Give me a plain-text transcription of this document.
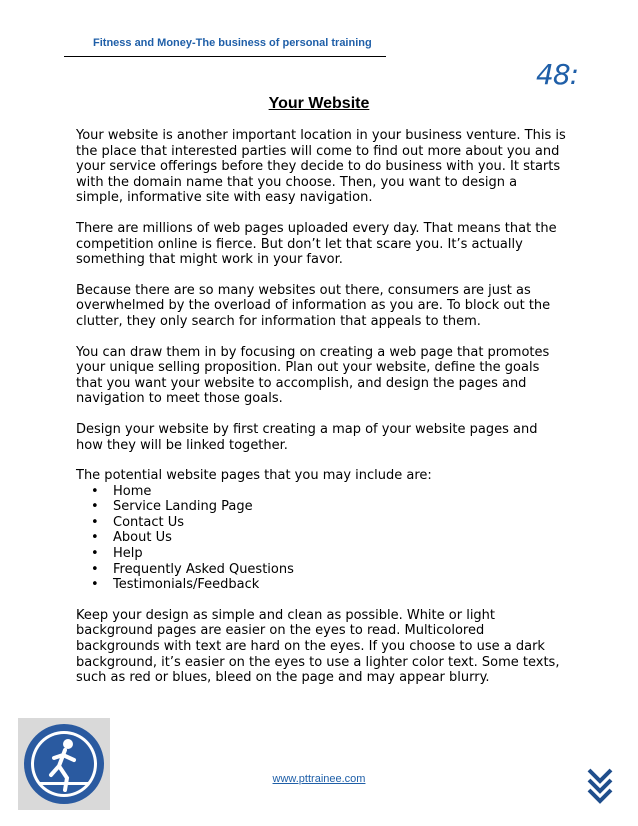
Fitness and Money-The business of personal training
48:
Your Website

Your website is another important location in your business venture. This is the place that interested parties will come to find out more about you and your service offerings before they decide to do business with you. It starts with the domain name that you choose. Then, you want to design a simple, informative site with easy navigation.

There are millions of web pages uploaded every day. That means that the competition online is fierce. But don’t let that scare you. It’s actually something that might work in your favor.

Because there are so many websites out there, consumers are just as overwhelmed by the overload of information as you are. To block out the clutter, they only search for information that appeals to them.

You can draw them in by focusing on creating a web page that promotes your unique selling proposition. Plan out your website, define the goals that you want your website to accomplish, and design the pages and navigation to meet those goals.

Design your website by first creating a map of your website pages and how they will be linked together.

The potential website pages that you may include are:

• Home
• Service Landing Page
• Contact Us
• About Us
• Help
• Frequently Asked Questions
• Testimonials/Feedback

Keep your design as simple and clean as possible. White or light background pages are easier on the eyes to read. Multicolored backgrounds with text are hard on the eyes. If you choose to use a dark background, it’s easier on the eyes to use a lighter color text. Some texts, such as red or blues, bleed on the page and may appear blurry.

www.pttrainee.com
